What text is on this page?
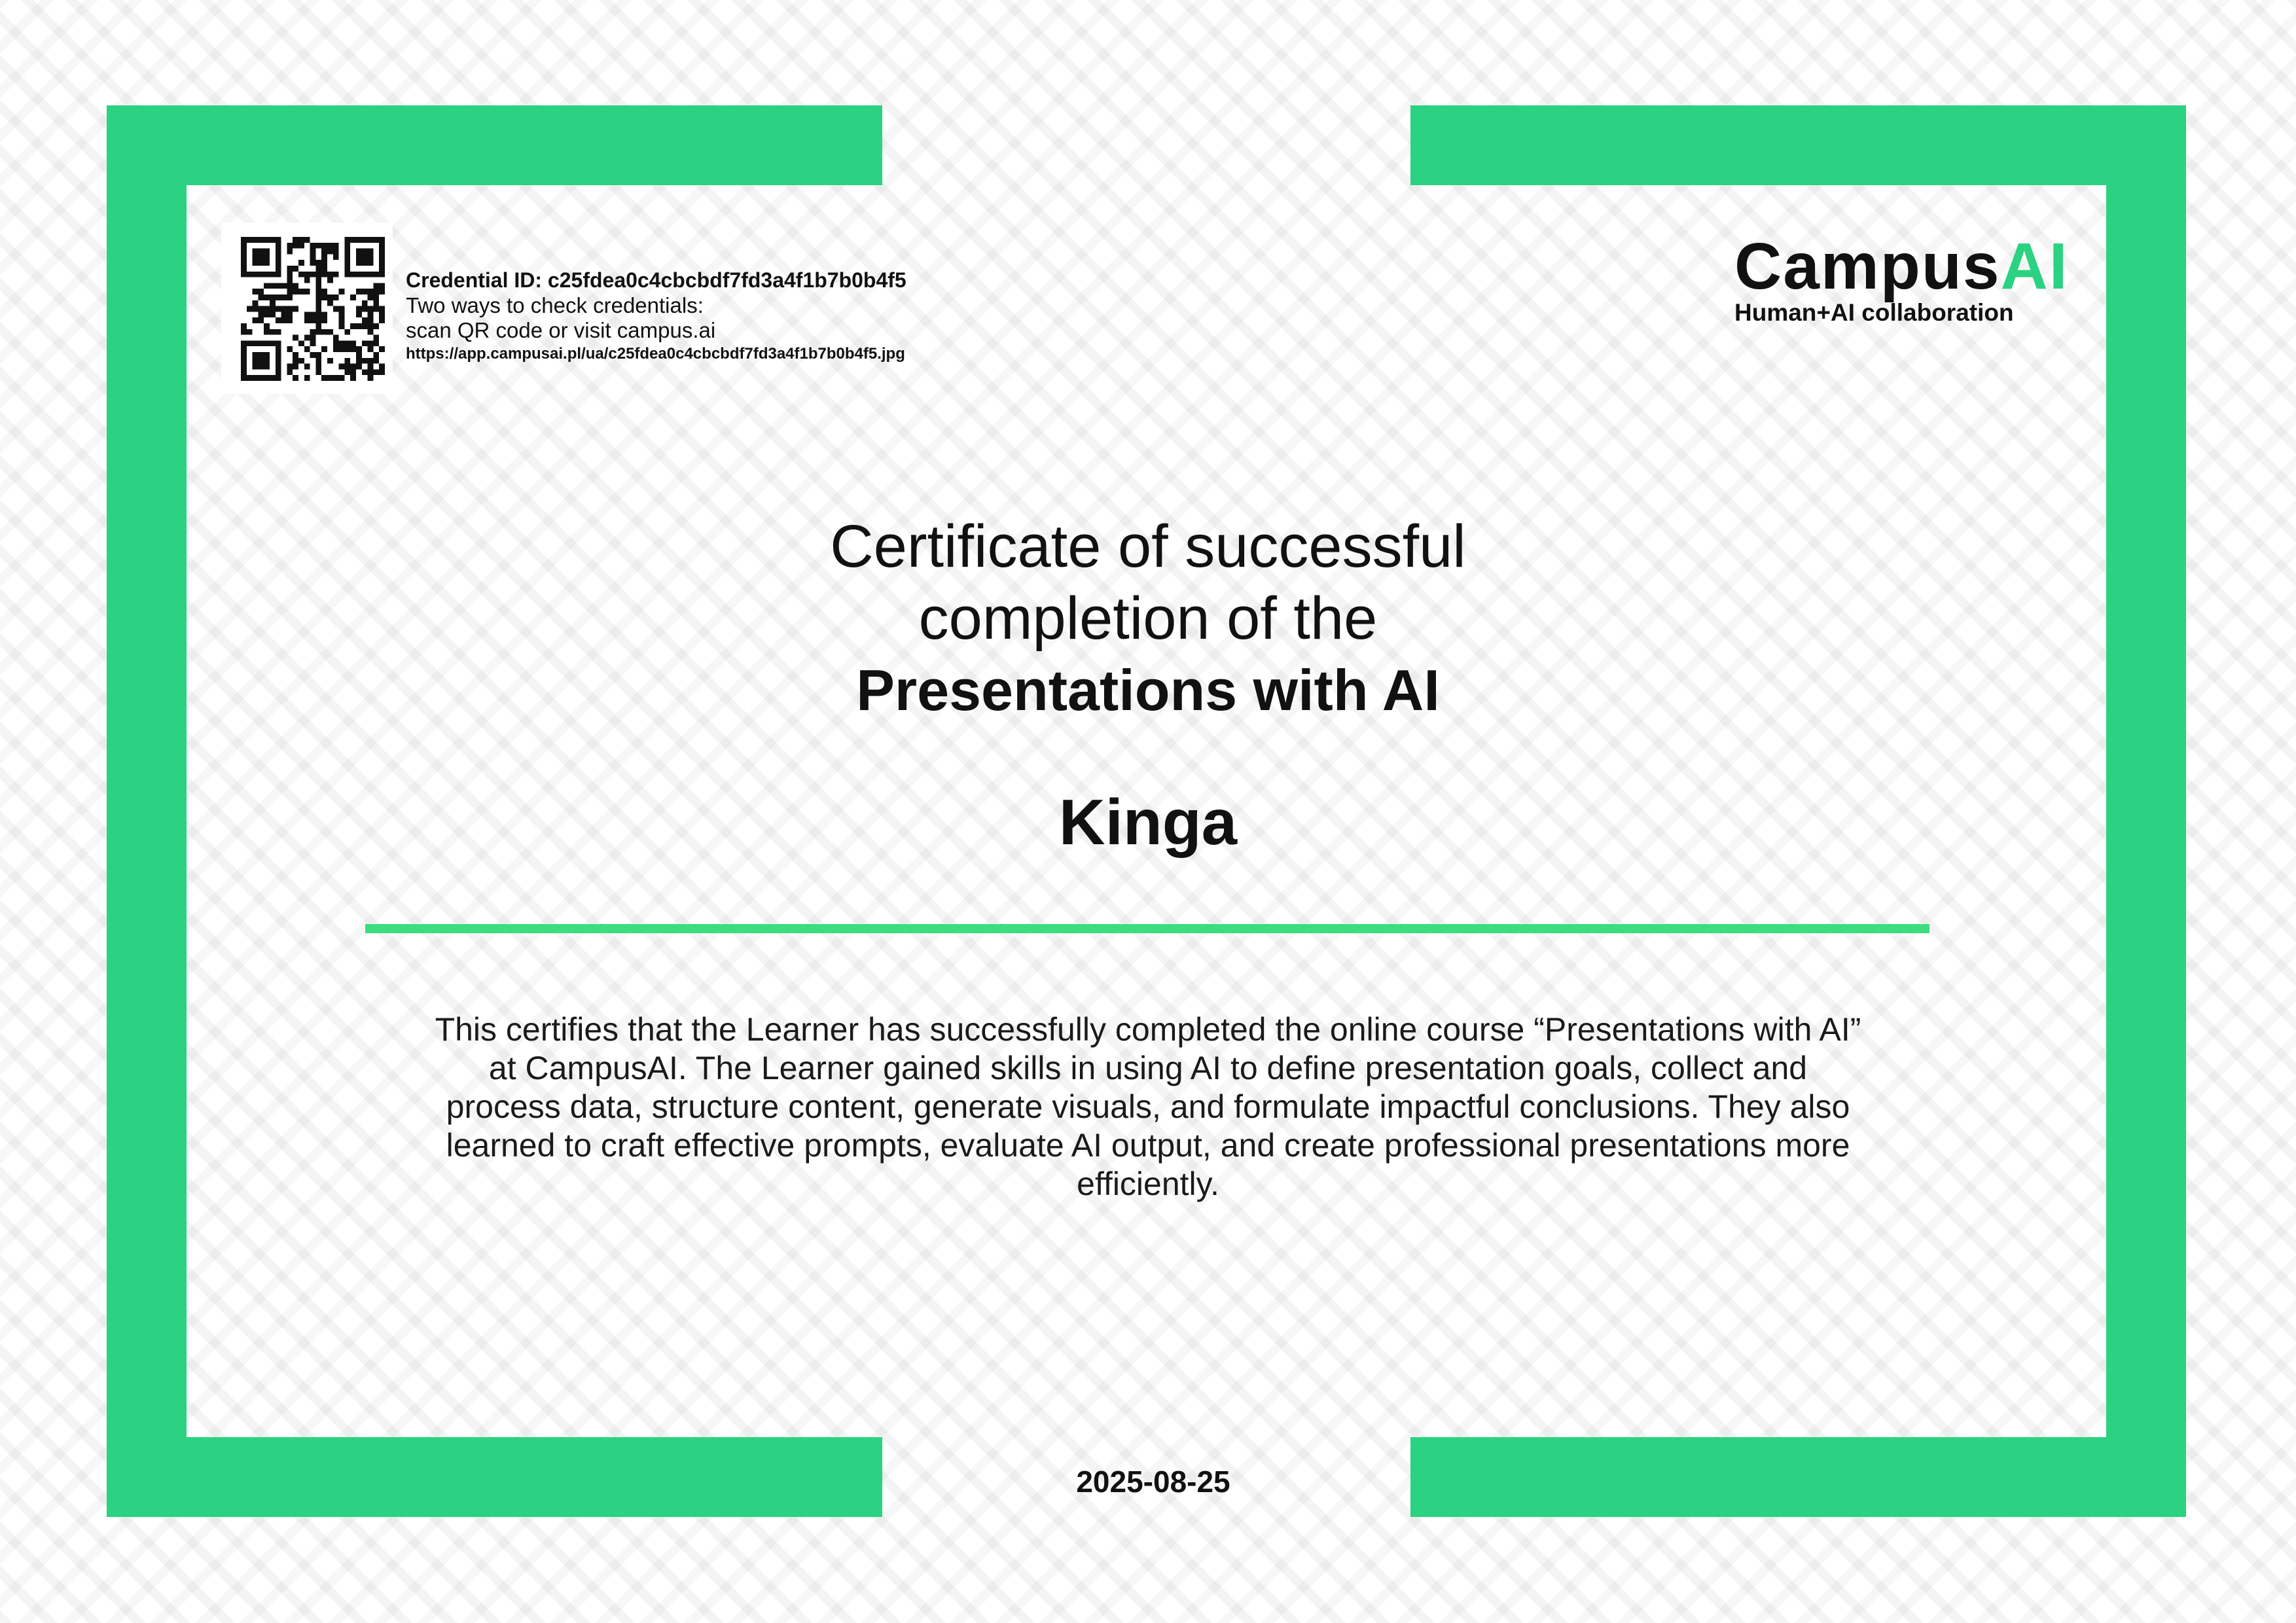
Credential ID: c25fdea0c4cbcbdf7fd3a4f1b7b0b4f5
Two ways to check credentials:
scan QR code or visit campus.ai
https://app.campusai.pl/ua/c25fdea0c4cbcbdf7fd3a4f1b7b0b4f5.jpg
CampusAI
Human+AI collaboration
Certificate of successful
completion of the
Presentations with AI
Kinga
This certifies that the Learner has successfully completed the online course “Presentations with AI” at CampusAI. The Learner gained skills in using AI to define presentation goals, collect and process data, structure content, generate visuals, and formulate impactful conclusions. They also learned to craft effective prompts, evaluate AI output, and create professional presentations more efficiently.
2025-08-25
